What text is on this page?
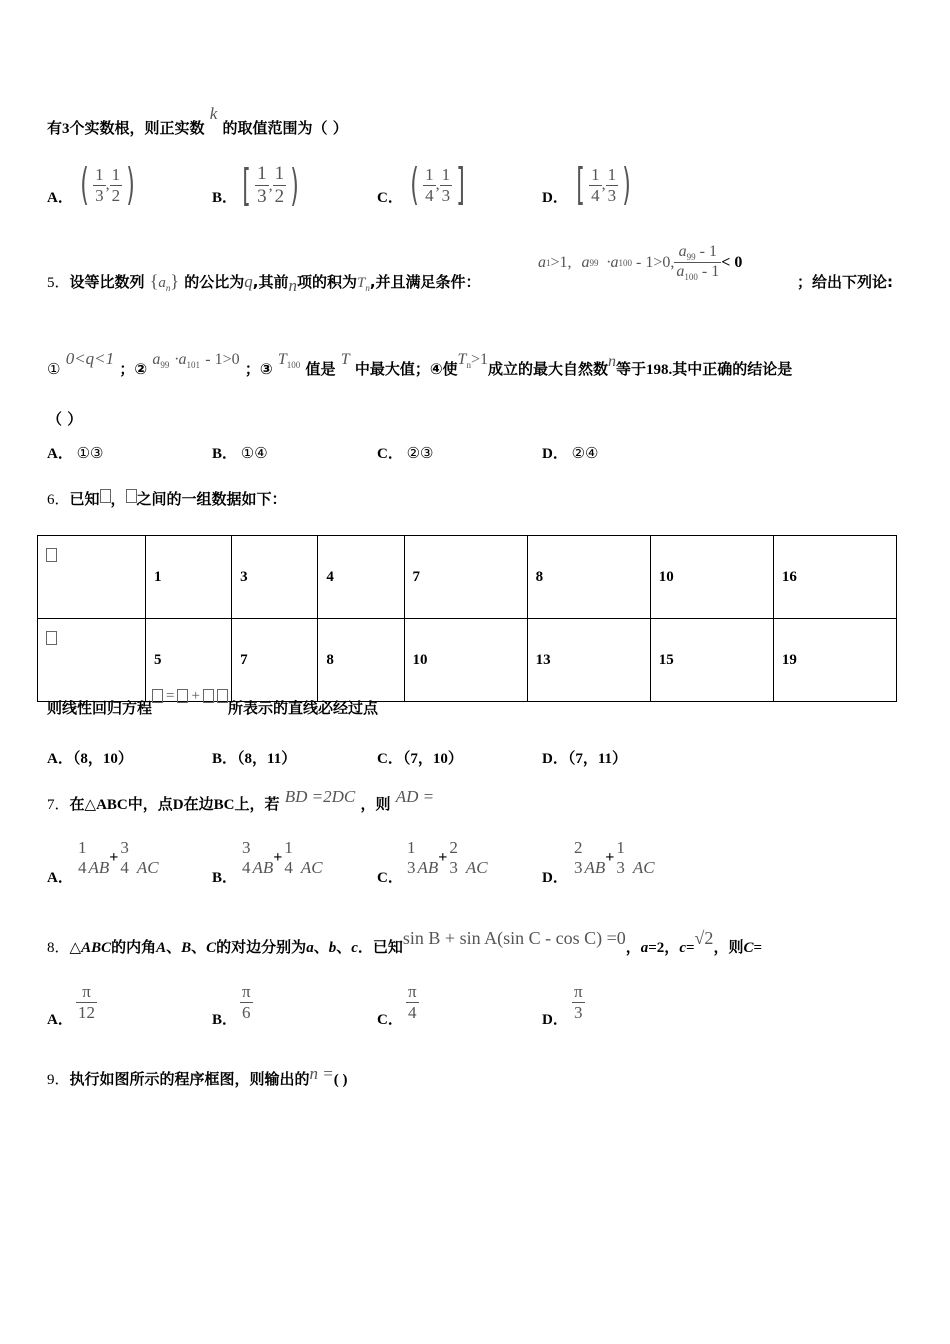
有3个实数根，则正实数 k 的取值范围为（ ）
A． ( $\frac{1}{3}$ , $\frac{1}{2}$ )	B． [ $\frac{1}{3}$ , $\frac{1}{2}$ )	C． ( $\frac{1}{4}$ , $\frac{1}{3}$ ]	D． [ $\frac{1}{4}$ , $\frac{1}{3}$ )
5．设等比数列 $\{a_n\}$ 的公比为q,其前n项的积为$T_n$,并且满足条件：
a 1 >1, a 99 ·a 100 - 1>0, $\frac{a_{99} - 1}{a_{100} - 1} < 0$
；给出下列论:
① 0<q<1 ；② $a_{99} \cdot a_{101} - 1>0$ ；③ $T_{100}$ 值是 T 中最大值；④使$T_n>1$成立的最大自然数n等于198.其中正确的结论是
（ ）
A． ①③	B． ①④	C． ②③	D． ②④
6．已知 ， 之间的一组数据如下：
	1	3	4	7	8	10	16
	5	7	8	10	13	15	19
则线性回归方程
= +
所表示的直线必经过点
A．（8，10）	B．（8，11）	C．（7，10）	D．（7，11）
7．在△ABC中，点D在边BC上，若 BD =2DC ，则 AD =
A．
1
4 AB
+
3
4 AC
B．
3
4 AB
+
1
4 AC
C．
1
3 AB
+
2
3 AC
D．
2
3 AB
+
1
3 AC
8．△ABC的内角A、B、C的对边分别为a、b、c．已知sin B + sin A(sin C - cos C) =0，a=2，c=√2，则C=
A． $\frac{\pi}{12}$	B． $\frac{\pi}{6}$	C． $\frac{\pi}{4}$	D． $\frac{\pi}{3}$
9．执行如图所示的程序框图，则输出的n =( )
